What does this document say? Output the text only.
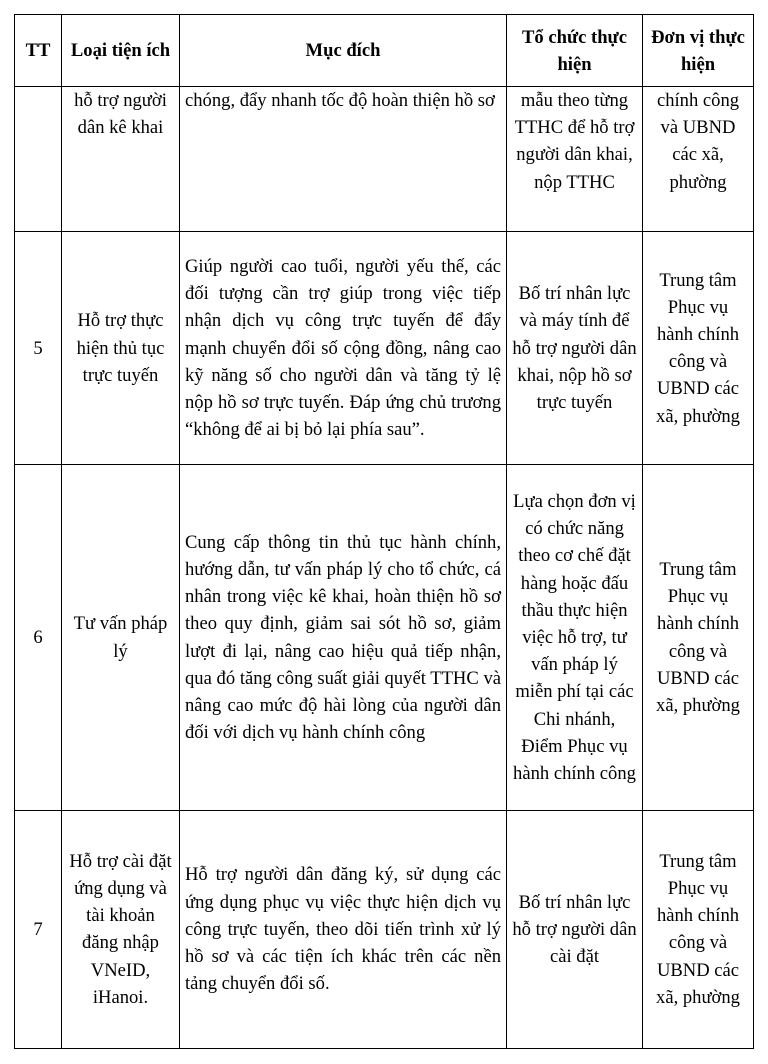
TT	Loại tiện ích	Mục đích	Tổ chức thực hiện	Đơn vị thực hiện
	hỗ trợ người dân kê khai	chóng, đẩy nhanh tốc độ hoàn thiện hồ sơ	mẫu theo từng TTHC để hỗ trợ người dân khai, nộp TTHC	chính công và UBND các xã, phường
5	Hỗ trợ thực hiện thủ tục trực tuyến	Giúp người cao tuổi, người yếu thế, các đối tượng cần trợ giúp trong việc tiếp nhận dịch vụ công trực tuyến để đẩy mạnh chuyển đổi số cộng đồng, nâng cao kỹ năng số cho người dân và tăng tỷ lệ nộp hồ sơ trực tuyến. Đáp ứng chủ trương “không để ai bị bỏ lại phía sau”.	Bố trí nhân lực và máy tính để hỗ trợ người dân khai, nộp hồ sơ trực tuyến	Trung tâm Phục vụ hành chính công và UBND các xã, phường
6	Tư vấn pháp lý	Cung cấp thông tin thủ tục hành chính, hướng dẫn, tư vấn pháp lý cho tổ chức, cá nhân trong việc kê khai, hoàn thiện hồ sơ theo quy định, giảm sai sót hồ sơ, giảm lượt đi lại, nâng cao hiệu quả tiếp nhận, qua đó tăng công suất giải quyết TTHC và nâng cao mức độ hài lòng của người dân đối với dịch vụ hành chính công	Lựa chọn đơn vị có chức năng theo cơ chế đặt hàng hoặc đấu thầu thực hiện việc hỗ trợ, tư vấn pháp lý miễn phí tại các Chi nhánh, Điểm Phục vụ hành chính công	Trung tâm Phục vụ hành chính công và UBND các xã, phường
7	Hỗ trợ cài đặt ứng dụng và tài khoản đăng nhập VNeID, iHanoi.	Hỗ trợ người dân đăng ký, sử dụng các ứng dụng phục vụ việc thực hiện dịch vụ công trực tuyến, theo dõi tiến trình xử lý hồ sơ và các tiện ích khác trên các nền tảng chuyển đổi số.	Bố trí nhân lực hỗ trợ người dân cài đặt	Trung tâm Phục vụ hành chính công và UBND các xã, phường
